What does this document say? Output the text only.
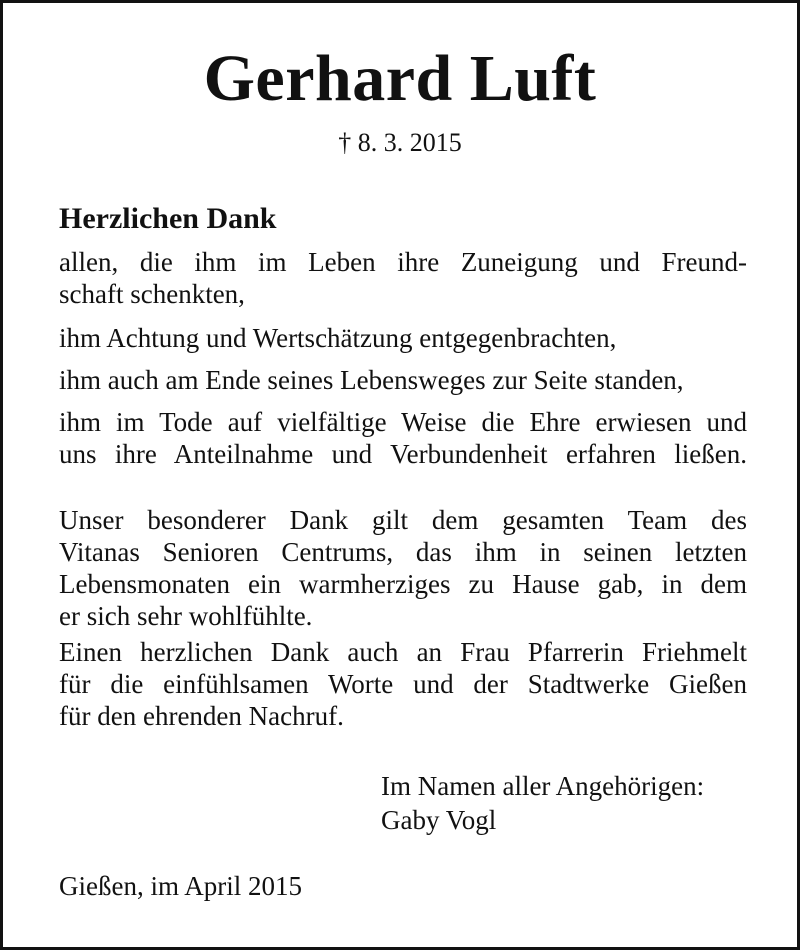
Gerhard Luft
† 8. 3. 2015
Herzlichen Dank
allen, die ihm im Leben ihre Zuneigung und Freund-
schaft schenkten,
ihm Achtung und Wertschätzung entgegenbrachten,
ihm auch am Ende seines Lebensweges zur Seite standen,
ihm im Tode auf vielfältige Weise die Ehre erwiesen und
uns ihre Anteilnahme und Verbundenheit erfahren ließen.
Unser besonderer Dank gilt dem gesamten Team des
Vitanas Senioren Centrums, das ihm in seinen letzten
Lebensmonaten ein warmherziges zu Hause gab, in dem
er sich sehr wohlfühlte.
Einen herzlichen Dank auch an Frau Pfarrerin Friehmelt
für die einfühlsamen Worte und der Stadtwerke Gießen
für den ehrenden Nachruf.
Im Namen aller Angehörigen:
Gaby Vogl
Gießen, im April 2015
